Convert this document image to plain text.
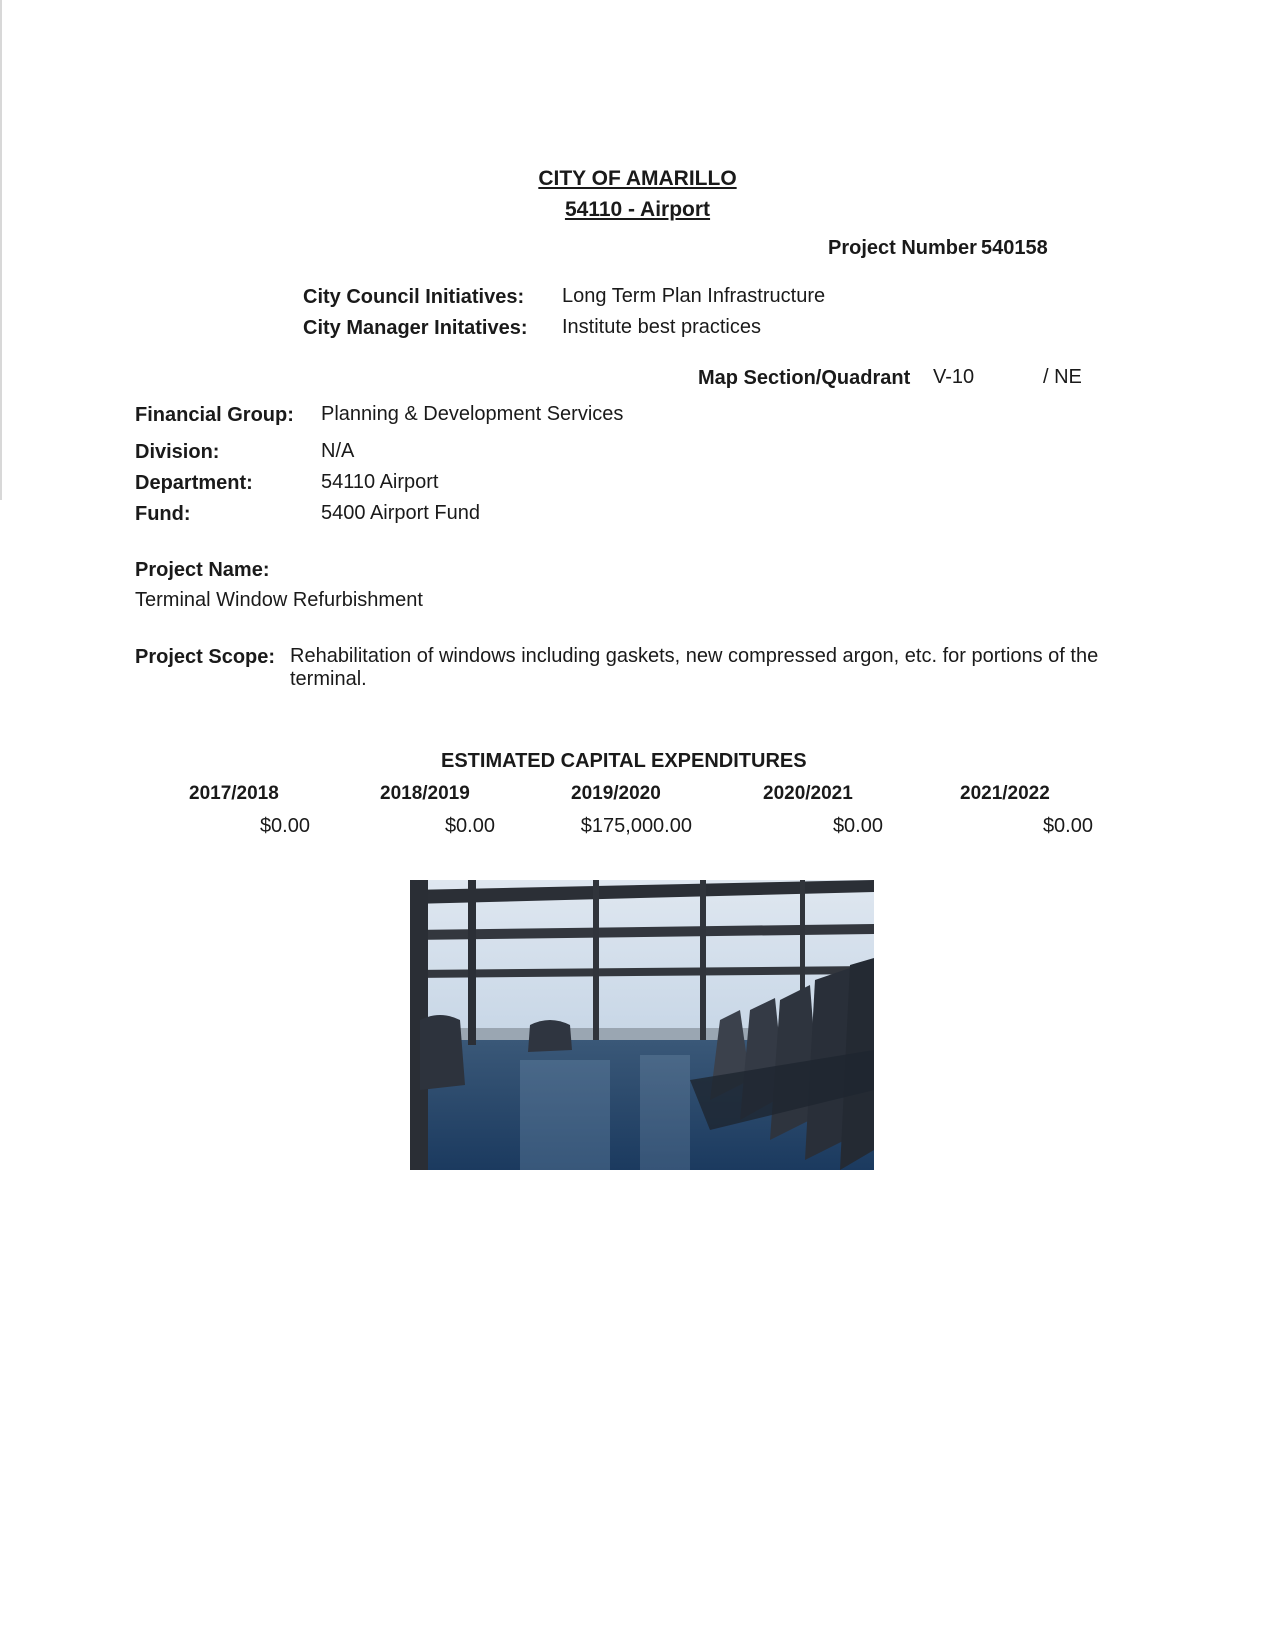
CITY OF AMARILLO
54110 - Airport
Project Number 540158
City Council Initiatives: Long Term Plan Infrastructure
City Manager Initatives: Institute best practices
Map Section/Quadrant V-10	/ NE
Financial Group: Planning & Development Services
Division:	N/A
Department:	54110 Airport
Fund:	5400 Airport Fund
Project Name:
Terminal Window Refurbishment
Project Scope: Rehabilitation of windows including gaskets, new compressed argon, etc. for portions of the
terminal.
ESTIMATED CAPITAL EXPENDITURES
2017/2018	2018/2019	2019/2020	2020/2021	2021/2022
$0.00	$0.00	$175,000.00	$0.00	$0.00
